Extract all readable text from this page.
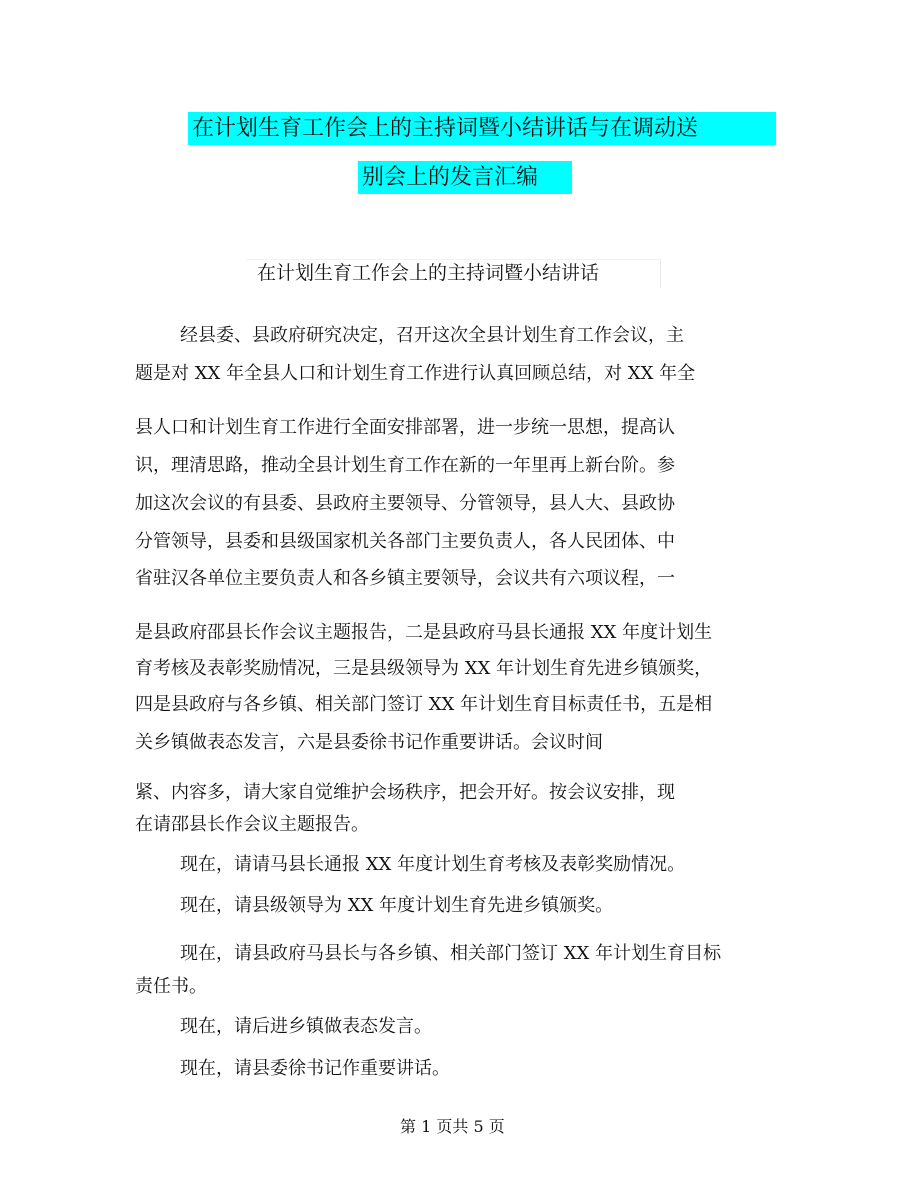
在计划生育工作会上的主持词暨小结讲话与在调动送
别会上的发言汇编
在计划生育工作会上的主持词暨小结讲话
经县委、县政府研究决定，召开这次全县计划生育工作会议，主
题是对 XX 年全县人口和计划生育工作进行认真回顾总结，对 XX 年全
县人口和计划生育工作进行全面安排部署，进一步统一思想，提高认
识，理清思路，推动全县计划生育工作在新的一年里再上新台阶。参
加这次会议的有县委、县政府主要领导、分管领导，县人大、县政协
分管领导，县委和县级国家机关各部门主要负责人，各人民团体、中
省驻汉各单位主要负责人和各乡镇主要领导，会议共有六项议程，一
是县政府邵县长作会议主题报告，二是县政府马县长通报 XX 年度计划生
育考核及表彰奖励情况，三是县级领导为 XX 年计划生育先进乡镇颁奖，
四是县政府与各乡镇、相关部门签订 XX 年计划生育目标责任书，五是相
关乡镇做表态发言，六是县委徐书记作重要讲话。会议时间
紧、内容多，请大家自觉维护会场秩序，把会开好。按会议安排，现
在请邵县长作会议主题报告。
现在，请请马县长通报 XX 年度计划生育考核及表彰奖励情况。
现在，请县级领导为 XX 年度计划生育先进乡镇颁奖。
现在，请县政府马县长与各乡镇、相关部门签订 XX 年计划生育目标
责任书。
现在，请后进乡镇做表态发言。
现在，请县委徐书记作重要讲话。
第 1 页共 5 页
